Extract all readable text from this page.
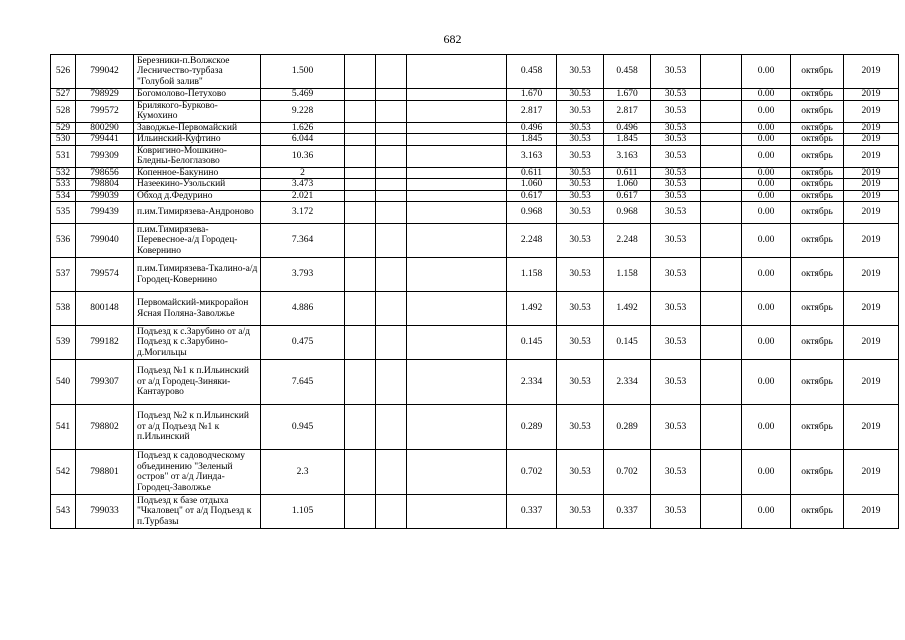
682
526	799042	Березники-п.Волжское Лесничество-турбаза "Голубой залив"	1.500				0.458	30.53	0.458	30.53		0.00	октябрь	2019
527	798929	Богомолово-Петухово	5.469				1.670	30.53	1.670	30.53		0.00	октябрь	2019
528	799572	Брилякого-Бурково-Кумохино	9.228				2.817	30.53	2.817	30.53		0.00	октябрь	2019
529	800290	Заводжье-Первомайский	1.626				0.496	30.53	0.496	30.53		0.00	октябрь	2019
530	799441	Ильинский-Куфтино	6.044				1.845	30.53	1.845	30.53		0.00	октябрь	2019
531	799309	Ковригино-Мошкино-Бледны-Белоглазово	10.36				3.163	30.53	3.163	30.53		0.00	октябрь	2019
532	798656	Копенное-Бакунино	2				0.611	30.53	0.611	30.53		0.00	октябрь	2019
533	798804	Назеекино-Узольский	3.473				1.060	30.53	1.060	30.53		0.00	октябрь	2019
534	799039	Обход д.Федурино	2.021				0.617	30.53	0.617	30.53		0.00	октябрь	2019
535	799439	п.им.Тимирязева-Андроново	3.172				0.968	30.53	0.968	30.53		0.00	октябрь	2019
536	799040	п.им.Тимирязева-Перевесное-а/д Городец-Ковернино	7.364				2.248	30.53	2.248	30.53		0.00	октябрь	2019
537	799574	п.им.Тимирязева-Ткалино-а/д Городец-Ковернино	3.793				1.158	30.53	1.158	30.53		0.00	октябрь	2019
538	800148	Первомайский-микрорайон Ясная Поляна-Заволжье	4.886				1.492	30.53	1.492	30.53		0.00	октябрь	2019
539	799182	Подъезд к с.Зарубино от а/д Подъезд к с.Зарубино-д.Могильцы	0.475				0.145	30.53	0.145	30.53		0.00	октябрь	2019
540	799307	Подъезд №1 к п.Ильинский от а/д Городец-Зиняки-Кантаурово	7.645				2.334	30.53	2.334	30.53		0.00	октябрь	2019
541	798802	Подъезд №2 к п.Ильинский от а/д Подъезд №1 к п.Ильинский	0.945				0.289	30.53	0.289	30.53		0.00	октябрь	2019
542	798801	Подъезд к садоводческому объединению "Зеленый остров" от а/д Линда-Городец-Заволжье	2.3				0.702	30.53	0.702	30.53		0.00	октябрь	2019
543	799033	Подъезд к базе отдыха "Чкаловец" от а/д Подъезд к п.Турбазы	1.105				0.337	30.53	0.337	30.53		0.00	октябрь	2019
